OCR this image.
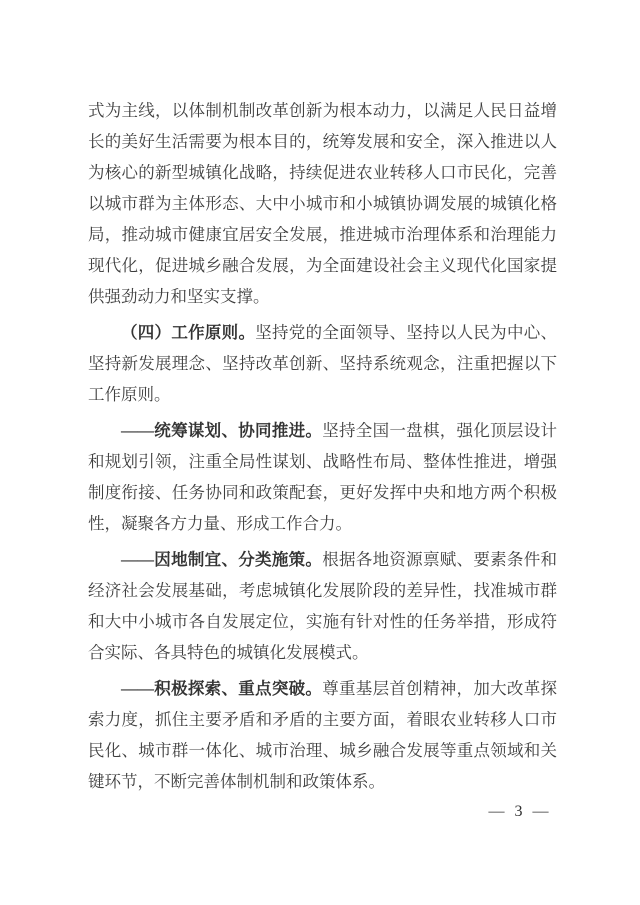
式为主线，以体制机制改革创新为根本动力，以满足人民日益增长的美好生活需要为根本目的，统筹发展和安全，深入推进以人为核心的新型城镇化战略，持续促进农业转移人口市民化，完善以城市群为主体形态、大中小城市和小城镇协调发展的城镇化格局，推动城市健康宜居安全发展，推进城市治理体系和治理能力现代化，促进城乡融合发展，为全面建设社会主义现代化国家提供强劲动力和坚实支撑。

（四）工作原则。坚持党的全面领导、坚持以人民为中心、坚持新发展理念、坚持改革创新、坚持系统观念，注重把握以下工作原则。

——统筹谋划、协同推进。坚持全国一盘棋，强化顶层设计和规划引领，注重全局性谋划、战略性布局、整体性推进，增强制度衔接、任务协同和政策配套，更好发挥中央和地方两个积极性，凝聚各方力量、形成工作合力。

——因地制宜、分类施策。根据各地资源禀赋、要素条件和经济社会发展基础，考虑城镇化发展阶段的差异性，找准城市群和大中小城市各自发展定位，实施有针对性的任务举措，形成符合实际、各具特色的城镇化发展模式。

——积极探索、重点突破。尊重基层首创精神，加大改革探索力度，抓住主要矛盾和矛盾的主要方面，着眼农业转移人口市民化、城市群一体化、城市治理、城乡融合发展等重点领域和关键环节，不断完善体制机制和政策体系。

— 3 —
